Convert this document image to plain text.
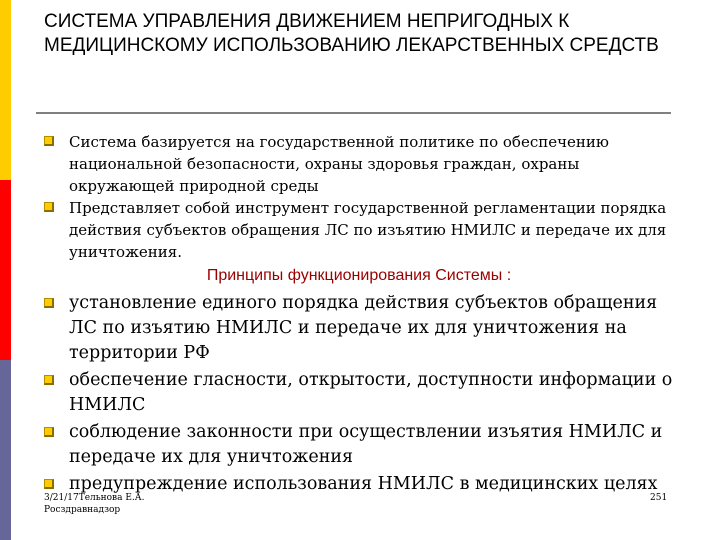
СИСТЕМА УПРАВЛЕНИЯ ДВИЖЕНИЕМ НЕПРИГОДНЫХ К МЕДИЦИНСКОМУ ИСПОЛЬЗОВАНИЮ ЛЕКАРСТВЕННЫХ СРЕДСТВ
Система базируется на государственной политике по обеспечению национальной безопасности, охраны здоровья граждан, охраны окружающей природной среды
Представляет собой инструмент государственной регламентации порядка действия субъектов обращения ЛС по изъятию НМИЛС и передаче их для уничтожения.
Принципы функционирования Системы :
установление единого порядка действия субъектов обращения ЛС по изъятию НМИЛС и передаче их для уничтожения на территории РФ
обеспечение гласности, открытости, доступности информации о НМИЛС
соблюдение законности при осуществлении изъятия НМИЛС и передаче их для уничтожения
предупреждение использования НМИЛС в медицинских целях
3/21/17Тельнова Е.А.
Росздравнадзор
251
